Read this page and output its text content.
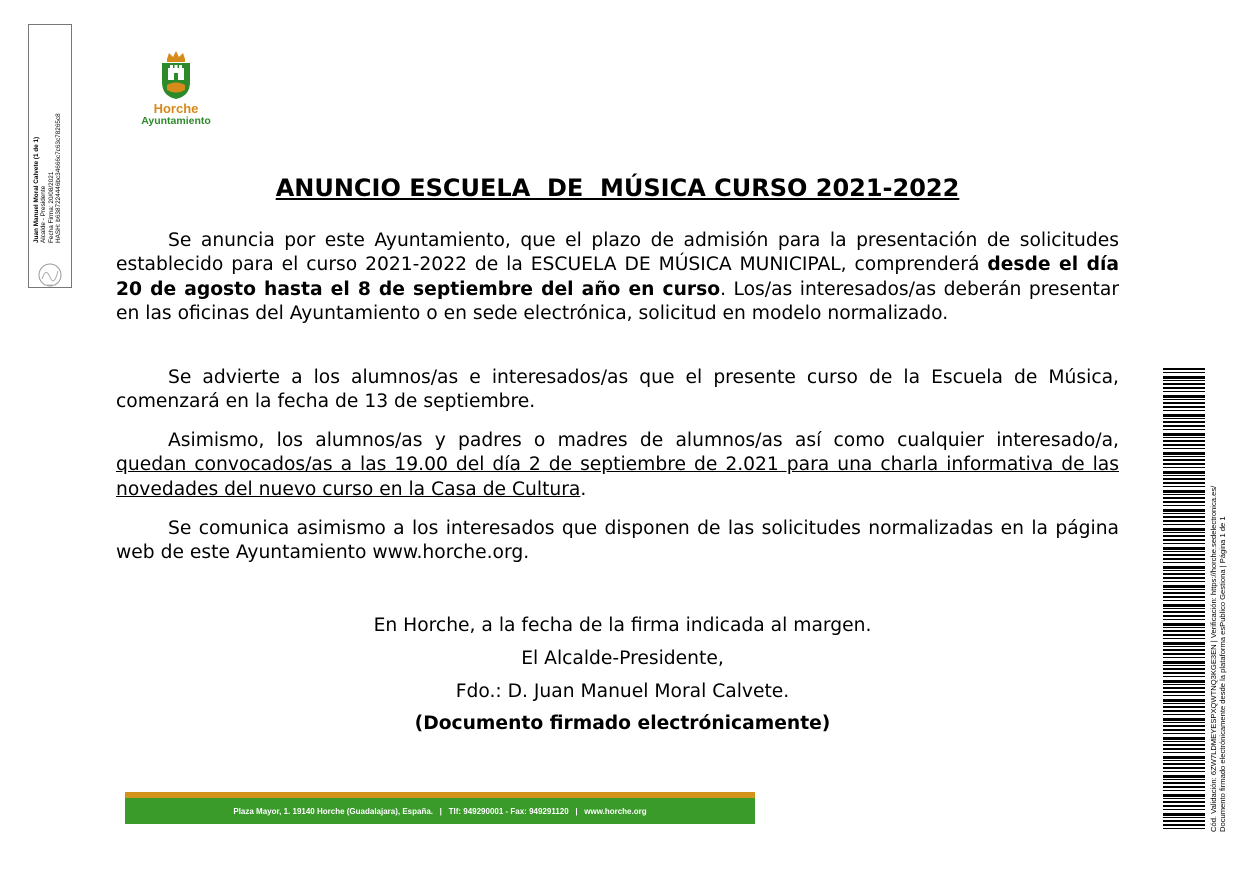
Juan Manuel Moral Calvete (1 de 1) Alcalde - Presidente Fecha Firma: 20/08/2021 HASH: b6387224446bc34666c7c63c78265c8
Horche
Ayuntamiento
ANUNCIO ESCUELA  DE  MÚSICA CURSO 2021-2022
Se anuncia por este Ayuntamiento, que el plazo de admisión para la presentación de solicitudes establecido para el curso 2021-2022 de la ESCUELA DE MÚSICA MUNICIPAL, comprenderá desde el día 20 de agosto hasta el 8 de septiembre del año en curso. Los/as interesados/as deberán presentar en las oficinas del Ayuntamiento o en sede electrónica, solicitud en modelo normalizado.
Se advierte a los alumnos/as e interesados/as que el presente curso de la Escuela de Música, comenzará en la fecha de 13 de septiembre.
Asimismo, los alumnos/as y padres o madres de alumnos/as así como cualquier interesado/a, quedan convocados/as a las 19.00 del día 2 de septiembre de 2.021 para una charla informativa de las novedades del nuevo curso en la Casa de Cultura.
Se comunica asimismo a los interesados que disponen de las solicitudes normalizadas en la página web de este Ayuntamiento www.horche.org.
En Horche, a la fecha de la firma indicada al margen.
El Alcalde-Presidente,
Fdo.: D. Juan Manuel Moral Calvete.
(Documento firmado electrónicamente)
Plaza Mayor, 1. 19140 Horche (Guadalajara), España.   |   Tlf: 949290001 - Fax: 949291120   |   www.horche.org	Cód. Validación: 6ZW7LDMEYESPXQWTNQ3KGE3EN | Verificación: https://horche.sedelectronica.es/ Documento firmado electrónicamente desde la plataforma esPublico Gestiona | Página 1 de 1
